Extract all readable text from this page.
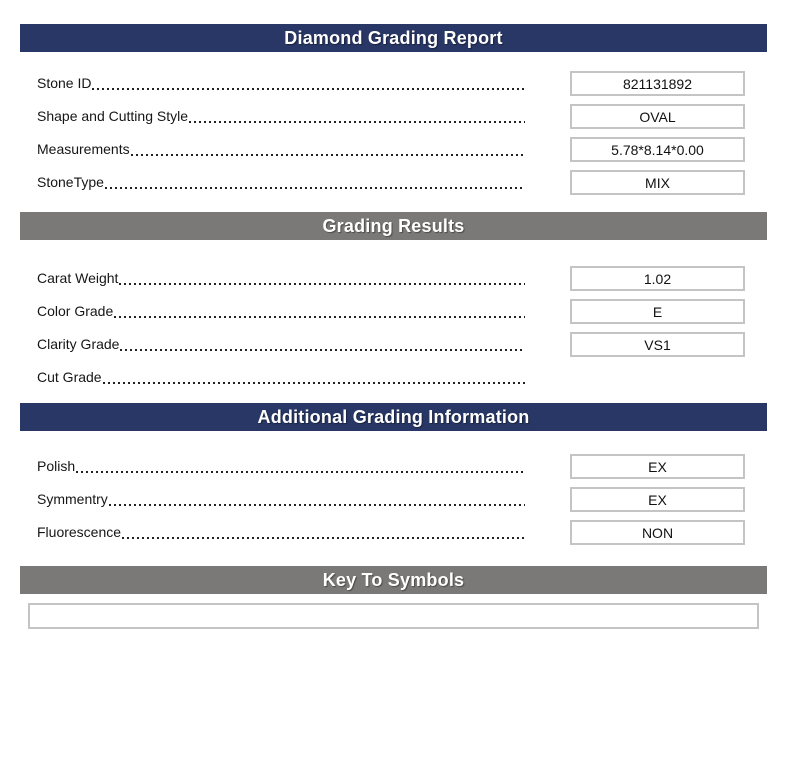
Diamond Grading Report
Stone ID	821131892
Shape and Cutting Style	OVAL
Measurements	5.78*8.14*0.00
StoneType	MIX
Grading Results
Carat Weight	1.02
Color Grade	E
Clarity Grade	VS1
Cut Grade
Additional Grading Information
Polish	EX
Symmentry	EX
Fluorescence	NON
Key To Symbols
